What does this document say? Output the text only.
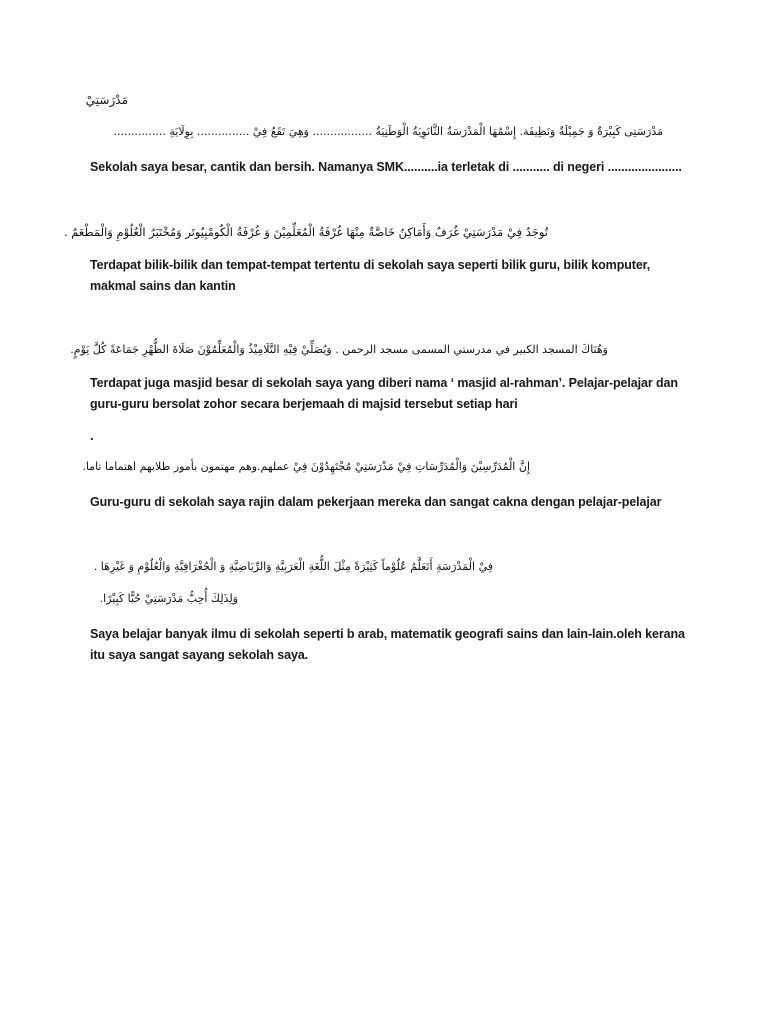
مَدْرَسَتِيْ
مَدْرَسَتِى كَبِيْرَةٌ وَ جَمِيْلَةٌ وَنَظِيفَة. إِسْمُهَا الْمَدْرَسَةُ الثَّانَوِيَةُ الْوَطَنِيَةُ ................. وَهِيَ تَقَعُ فِيْ ............... بِوِلَايَةِ ...............
Sekolah saya besar, cantik dan bersih. Namanya SMK..........ia terletak di ........... di negeri ......................
تُوجَدُ فِيْ مَدْرَسَتِيْ غُرَفٌ وَأَمَاكِنُ خَاصَّةٌ مِنْهَا غُرْفَةُ الْمُعَلِّمِيْنَ وَ غُرْفَةُ الْكُومْبِيُوتَر وَمُخْتَبَرُ الْعُلُوْمِ وَالْمَطْعَمُ .
Terdapat bilik-bilik dan tempat-tempat tertentu di sekolah saya seperti bilik guru, bilik komputer, makmal sains dan kantin
وَهُنَاكَ المسجد الكبير في مدرستي المسمى مسجد الرحمن . وَيُصَلِّيْ فِيْهِ التَّلَامِيْذُ وَالْمُعَلِّمُوْنَ صَلَاةَ الظُّهْرِ جَمَاعَةً كُلَّ يَوْمٍ.
Terdapat juga masjid besar di sekolah saya yang diberi nama ‘ masjid al-rahman’. Pelajar-pelajar dan guru-guru bersolat zohor secara berjemaah di majsid tersebut setiap hari
.
إِنَّ الْمُدَرِّسِيْنَ وَالْمُدَرِّسَاتِ فِيْ مَدْرَسَتِيْ مُجْتَهِدُوْنَ فِيْ عملهم.وهم مهتمون بأمور طلابهم اهتماما تاما.
Guru-guru di sekolah saya rajin dalam pekerjaan mereka dan sangat cakna dengan pelajar-pelajar
فِيْ الْمَدْرَسَةِ أَتَعَلَّمُ عُلُوْماً كَثِيْرَةً مِثْلَ اللُّغَةِ الْعَرَبِيَّةِ وَالرِّيَاضِيَّةِ وَ الْجُغْرَافِيَّةِ وَالْعُلُوْمِ وَ غَيْرِهَا .
وَلِذَلِكَ أُحِبُّ مَدْرَسَتِيْ حُبًّا كَبِيْرًا.
Saya belajar banyak ilmu di sekolah seperti b arab, matematik geografi sains dan lain-lain.oleh kerana itu saya sangat sayang sekolah saya.
